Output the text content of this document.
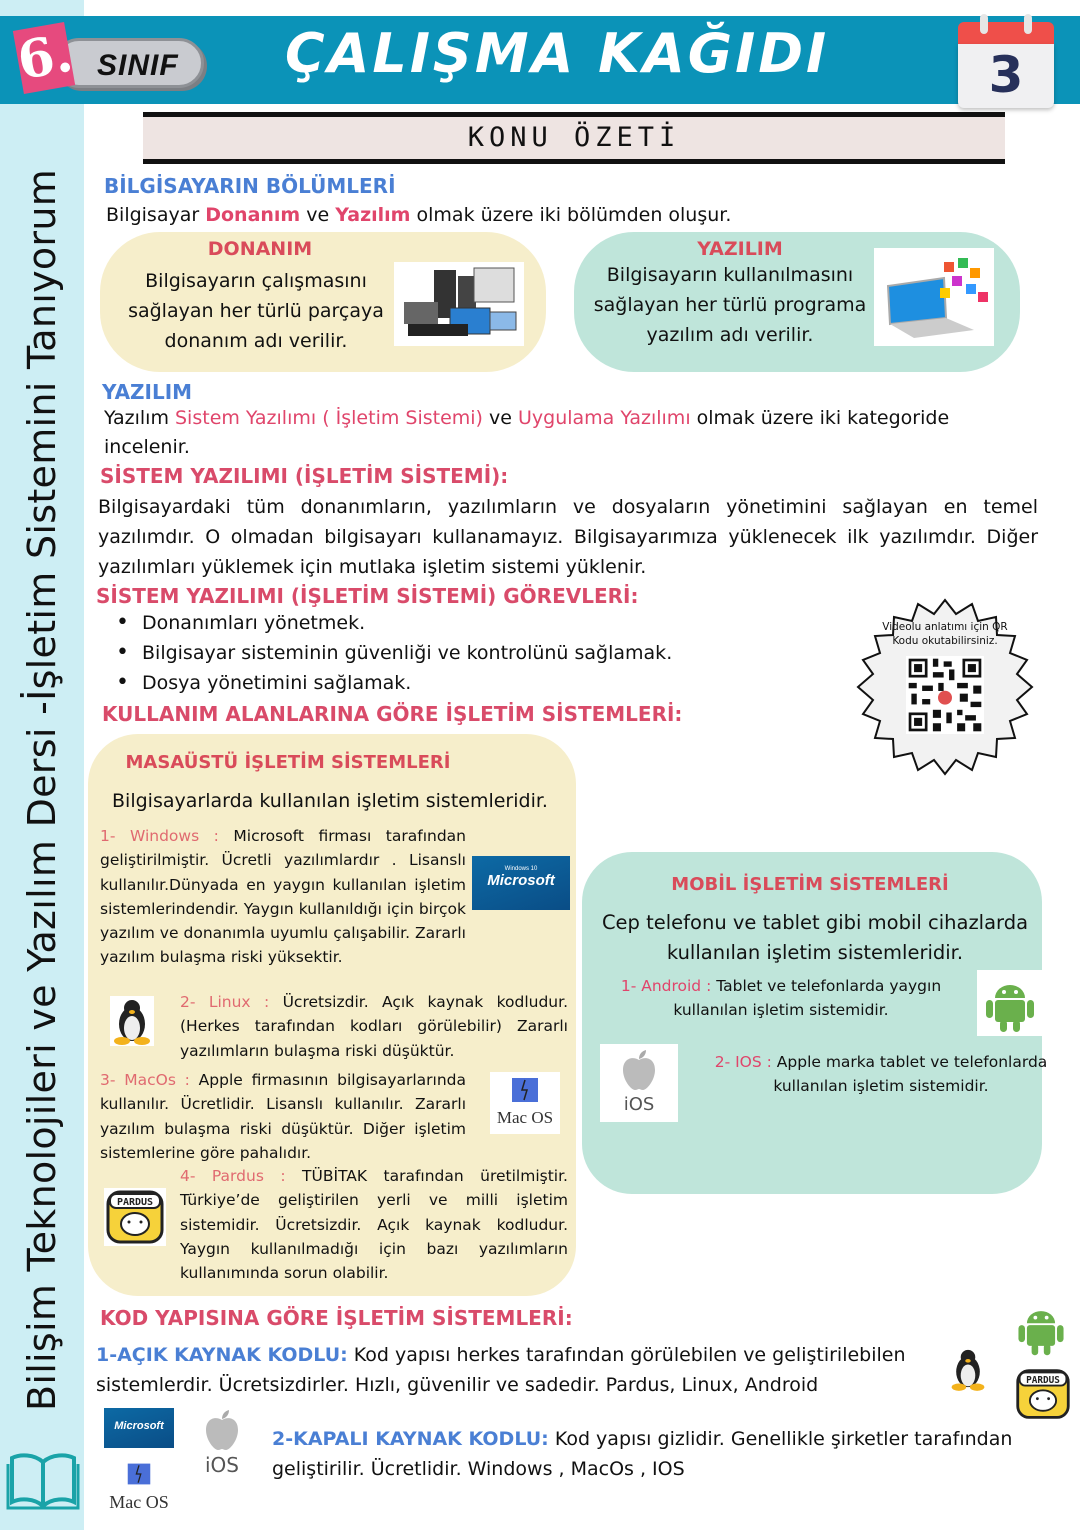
Bilişim Teknolojileri ve Yazılım Dersi -İşletim Sistemini Tanıyorum
SINIF
6.	ÇALIŞMA KAĞIDI	3
KONU ÖZETİ
BİLGİSAYARIN BÖLÜMLERİ
Bilgisayar Donanım ve Yazılım olmak üzere iki bölümden oluşur.
DONANIM
Bilgisayarın çalışmasını sağlayan her türlü parçaya donanım adı verilir.
YAZILIM
Bilgisayarın kullanılmasını sağlayan her türlü programa yazılım adı verilir.
YAZILIM
Yazılım Sistem Yazılımı ( İşletim Sistemi) ve Uygulama Yazılımı olmak üzere iki kategoride incelenir.
SİSTEM YAZILIMI (İŞLETİM SİSTEMİ):
Bilgisayardaki tüm donanımların, yazılımların ve dosyaların yönetimini sağlayan en temel yazılımdır. O olmadan bilgisayarı kullanamayız. Bilgisayarımıza yüklenecek ilk yazılımdır. Diğer yazılımları yüklemek için mutlaka işletim sistemi yüklenir.
SİSTEM YAZILIMI (İŞLETİM SİSTEMİ) GÖREVLERİ:
• Donanımları yönetmek.
• Bilgisayar sisteminin güvenliği ve kontrolünü sağlamak.
• Dosya yönetimini sağlamak.
Videolu anlatımı için QR Kodu okutabilirsiniz.
KULLANIM ALANLARINA GÖRE İŞLETİM SİSTEMLERİ:
MASAÜSTÜ İŞLETİM SİSTEMLERİ
Bilgisayarlarda kullanılan işletim sistemleridir.
1- Windows : Microsoft firması tarafından geliştirilmiştir. Ücretli yazılımlardır . Lisanslı kullanılır.Dünyada en yaygın kullanılan işletim sistemlerindendir. Yaygın kullanıldığı için birçok yazılım ve donanımla uyumlu çalışabilir. Zararlı yazılım bulaşma riski yüksektir.
Windows 10
Microsoft
2- Linux : Ücretsizdir. Açık kaynak kodludur. (Herkes tarafından kodları görülebilir) Zararlı yazılımların bulaşma riski düşüktür.
3- MacOs : Apple firmasının bilgisayarlarında kullanılır. Ücretlidir. Lisanslı kullanılır. Zararlı yazılım bulaşma riski düşüktür. Diğer işletim sistemlerine göre pahalıdır.
Mac OS
PARDUS
4- Pardus : TÜBİTAK tarafından üretilmiştir. Türkiye’de geliştirilen yerli ve milli işletim sistemidir. Ücretsizdir. Açık kaynak kodludur. Yaygın kullanılmadığı için bazı yazılımların kullanımında sorun olabilir.
MOBİL İŞLETİM SİSTEMLERİ
Cep telefonu ve tablet gibi mobil cihazlarda kullanılan işletim sistemleridir.
1- Android : Tablet ve telefonlarda yaygın kullanılan işletim sistemidir.
iOS
2- IOS : Apple marka tablet ve telefonlarda kullanılan işletim sistemidir.
KOD YAPISINA GÖRE İŞLETİM SİSTEMLERİ:
1-AÇIK KAYNAK KODLU: Kod yapısı herkes tarafından görülebilen ve geliştirilebilen sistemlerdir. Ücretsizdirler. Hızlı, güvenilir ve sadedir. Pardus, Linux, Android	PARDUS
Microsoft
Mac OS
iOS
2-KAPALI KAYNAK KODLU: Kod yapısı gizlidir. Genellikle şirketler tarafından geliştirilir. Ücretlidir. Windows , MacOs , IOS
